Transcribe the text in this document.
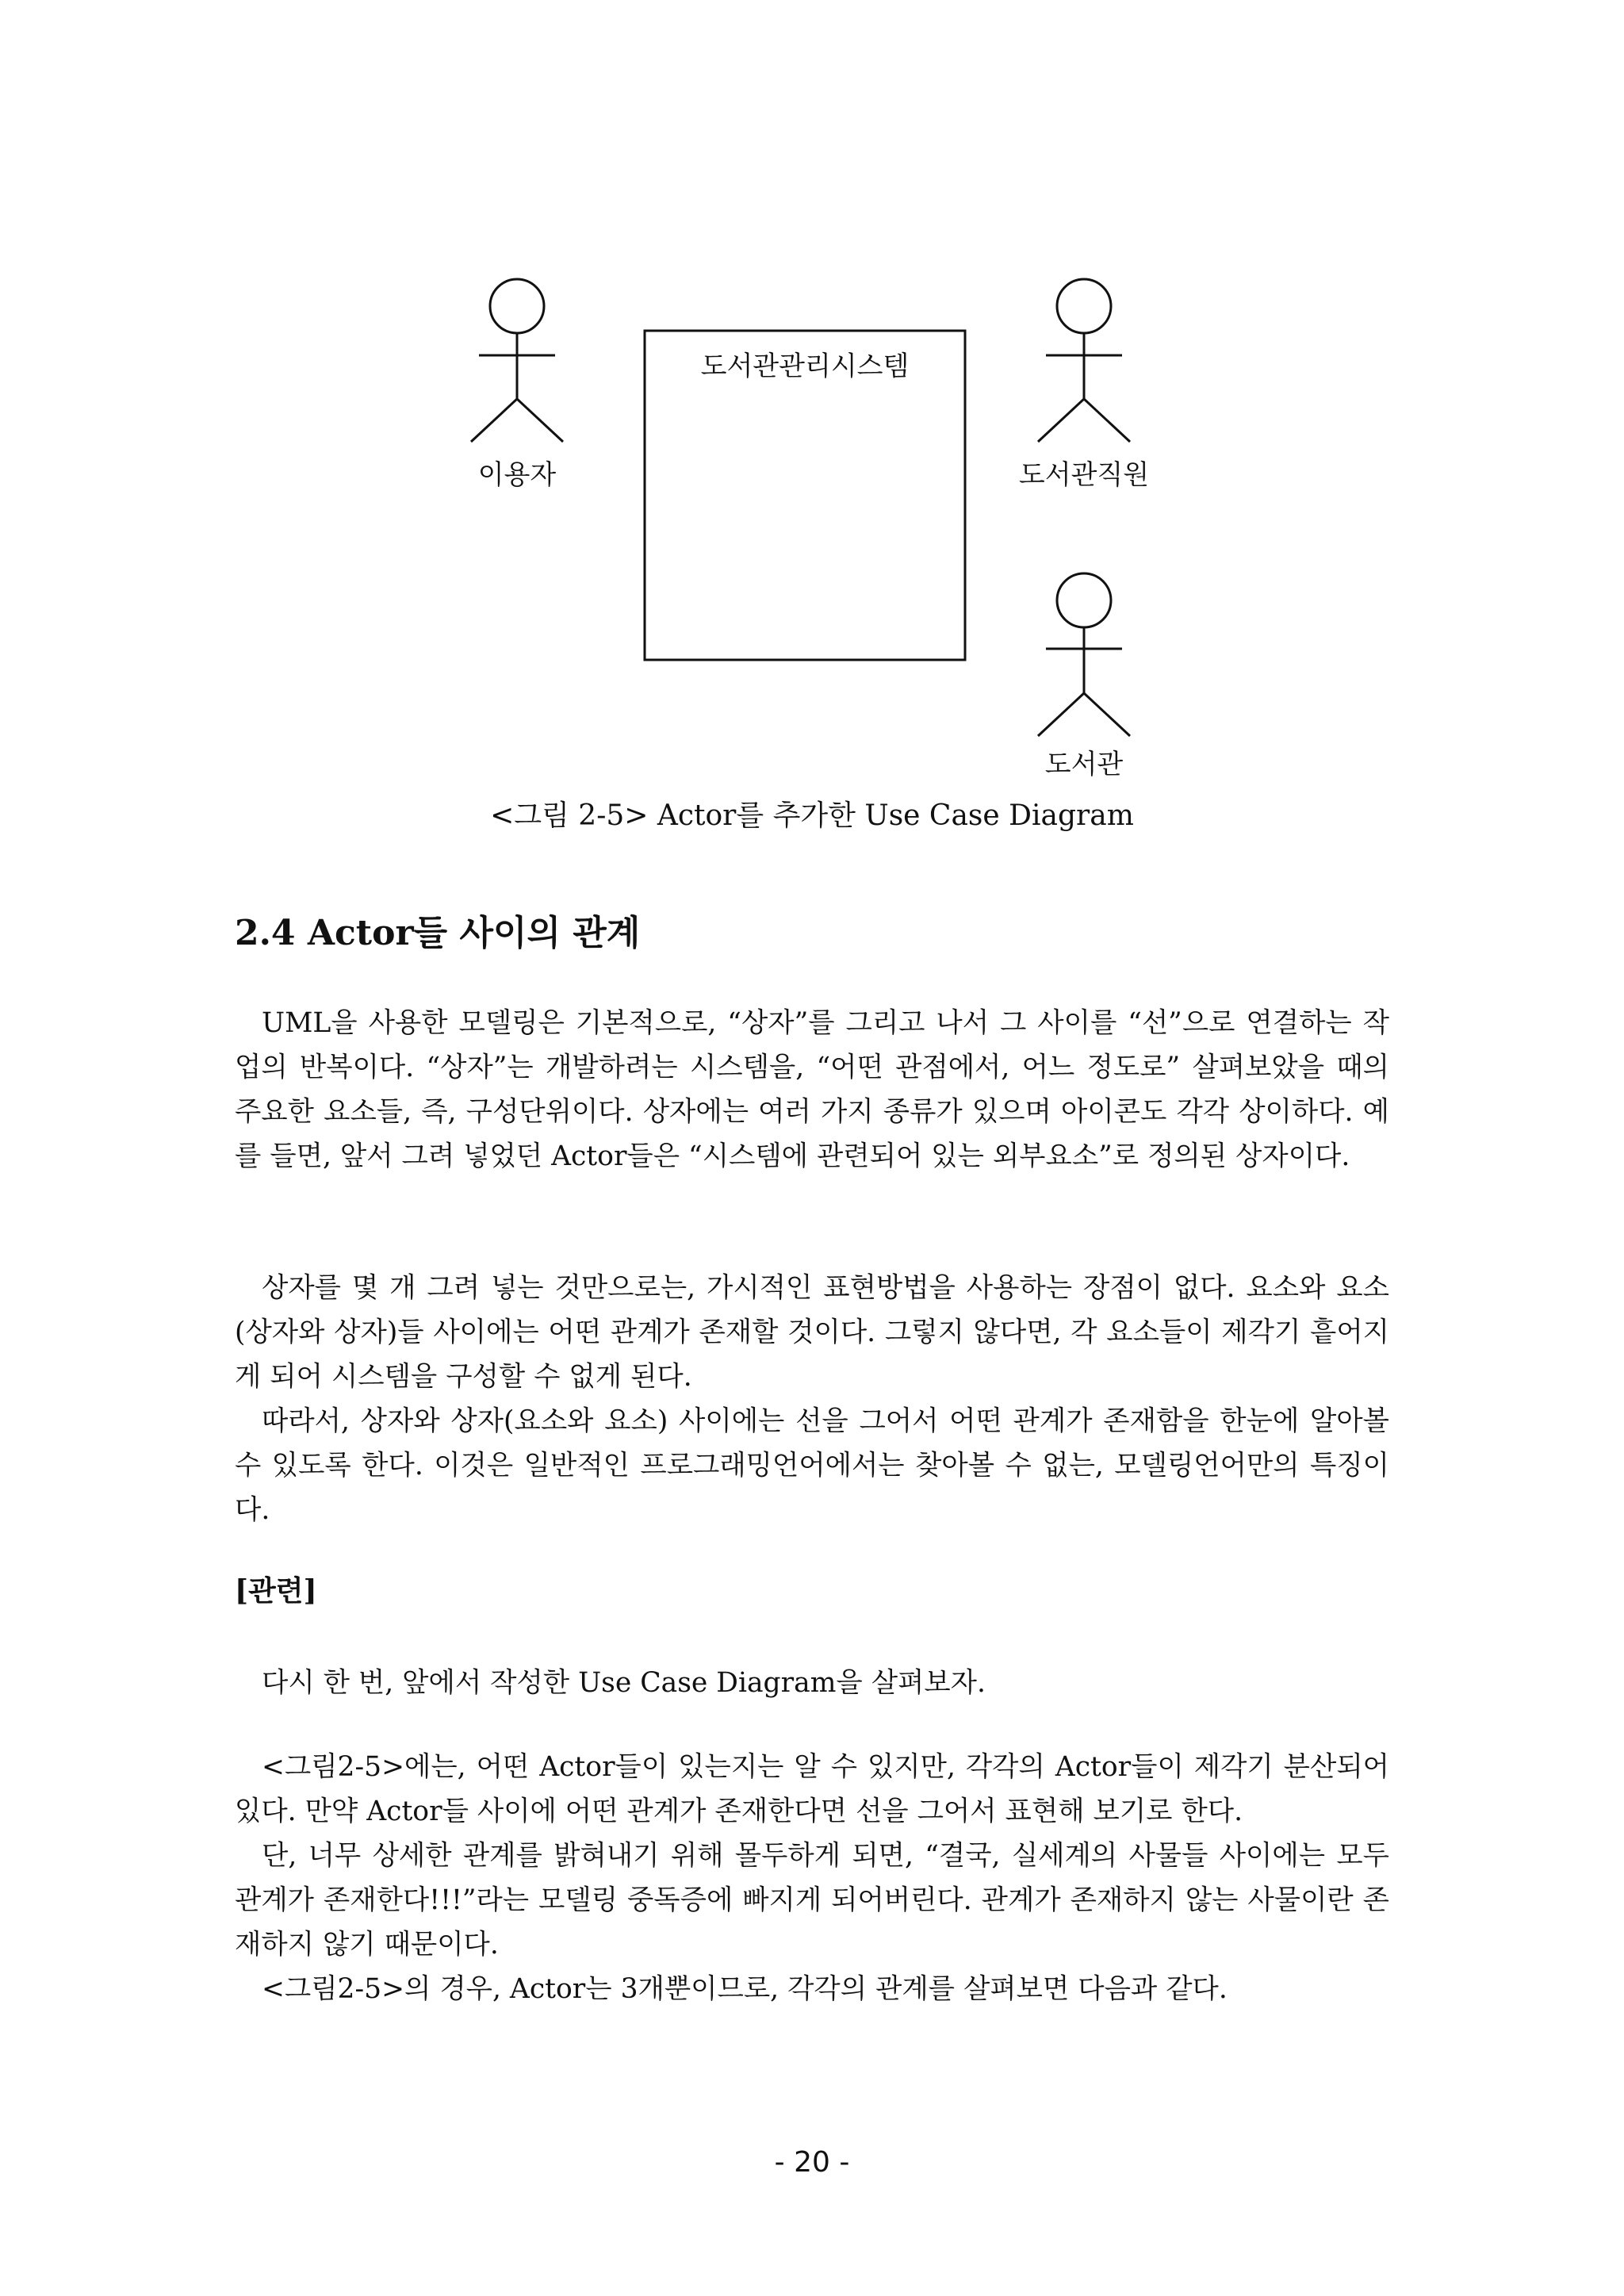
도서관관리시스템
이용자	도서관직원
도서관
<그림 2-5> Actor를 추가한 Use Case Diagram
2.4 Actor들 사이의 관계

UML을 사용한 모델링은 기본적으로, “상자”를 그리고 나서 그 사이를 “선”으로 연결하는 작업의 반복이다. “상자”는 개발하려는 시스템을, “어떤 관점에서, 어느 정도로” 살펴보았을 때의 주요한 요소들, 즉, 구성단위이다. 상자에는 여러 가지 종류가 있으며 아이콘도 각각 상이하다. 예를 들면, 앞서 그려 넣었던 Actor들은 “시스템에 관련되어 있는 외부요소”로 정의된 상자이다.

상자를 몇 개 그려 넣는 것만으로는, 가시적인 표현방법을 사용하는 장점이 없다. 요소와 요소(상자와 상자)들 사이에는 어떤 관계가 존재할 것이다. 그렇지 않다면, 각 요소들이 제각기 흩어지게 되어 시스템을 구성할 수 없게 된다.

따라서, 상자와 상자(요소와 요소) 사이에는 선을 그어서 어떤 관계가 존재함을 한눈에 알아볼 수 있도록 한다. 이것은 일반적인 프로그래밍언어에서는 찾아볼 수 없는, 모델링언어만의 특징이다.

[관련]

다시 한 번, 앞에서 작성한 Use Case Diagram을 살펴보자.

<그림2-5>에는, 어떤 Actor들이 있는지는 알 수 있지만, 각각의 Actor들이 제각기 분산되어 있다. 만약 Actor들 사이에 어떤 관계가 존재한다면 선을 그어서 표현해 보기로 한다.

단, 너무 상세한 관계를 밝혀내기 위해 몰두하게 되면, “결국, 실세계의 사물들 사이에는 모두 관계가 존재한다!!!”라는 모델링 중독증에 빠지게 되어버린다. 관계가 존재하지 않는 사물이란 존재하지 않기 때문이다.

<그림2-5>의 경우, Actor는 3개뿐이므로, 각각의 관계를 살펴보면 다음과 같다.

- 20 -
